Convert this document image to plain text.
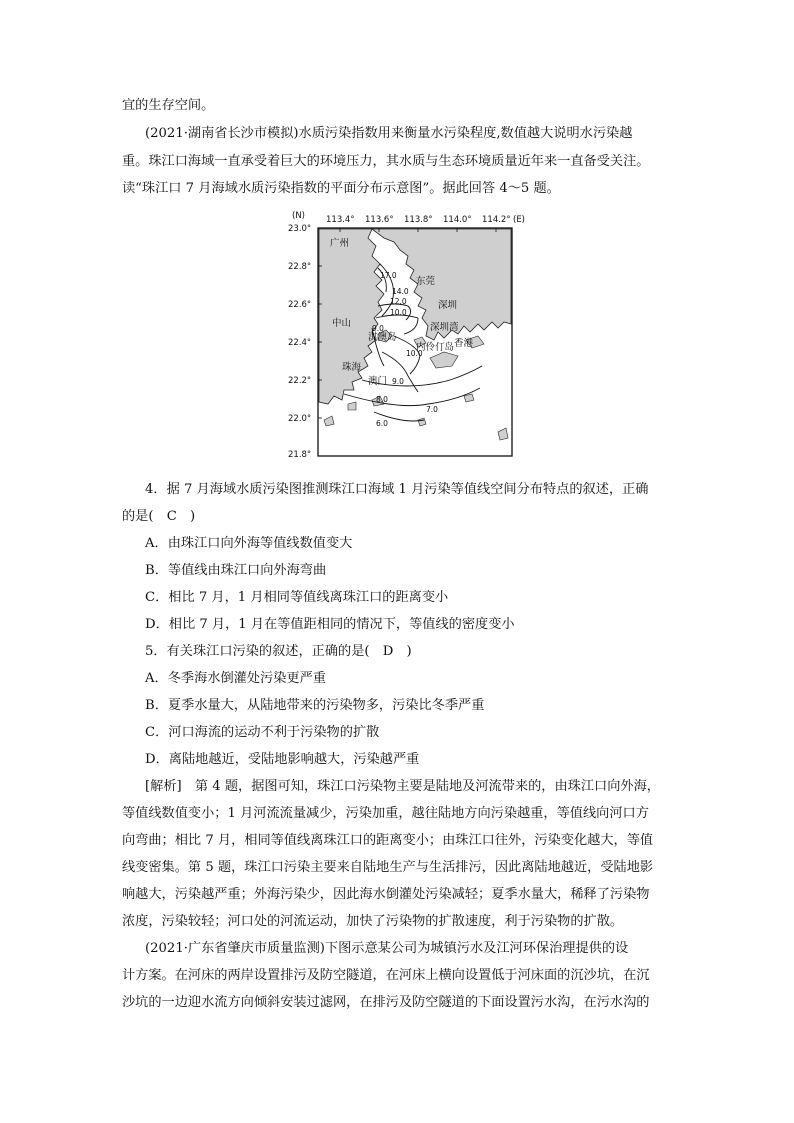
宜的生存空间。
(2021·湖南省长沙市模拟)水质污染指数用来衡量水污染程度,数值越大说明水污染越
重。珠江口海域一直承受着巨大的环境压力，其水质与生态环境质量近年来一直备受关注。
读“珠江口 7 月海域水质污染指数的平面分布示意图”。据此回答 4～5 题。
(N)	(E)
113.4° 113.6° 113.8° 114.0° 114.2°
23.0°
22.8°
22.6°
22.4°
22.2°
22.0°
21.8°
广州
东莞
深圳
中山	深圳湾
淇澳岛
内伶仃岛 香港
珠海
澳门
17.0
14.0
12.0
10.0
9.0
10.0
9.0
8.0
7.0
6.0
4．据 7 月海域水质污染图推测珠江口海域 1 月污染等值线空间分布特点的叙述，正确
的是(　C　)
A．由珠江口向外海等值线数值变大
B．等值线由珠江口向外海弯曲
C．相比 7 月，1 月相同等值线离珠江口的距离变小
D．相比 7 月，1 月在等值距相同的情况下，等值线的密度变小
5．有关珠江口污染的叙述，正确的是(　D　)
A．冬季海水倒灌处污染更严重
B．夏季水量大，从陆地带来的污染物多，污染比冬季严重
C．河口海流的运动不利于污染物的扩散
D．离陆地越近，受陆地影响越大，污染越严重
[解析]　第 4 题，据图可知，珠江口污染物主要是陆地及河流带来的，由珠江口向外海，
等值线数值变小；1 月河流流量减少，污染加重，越往陆地方向污染越重，等值线向河口方
向弯曲；相比 7 月，相同等值线离珠江口的距离变小；由珠江口往外，污染变化越大，等值
线变密集。第 5 题，珠江口污染主要来自陆地生产与生活排污，因此离陆地越近，受陆地影
响越大，污染越严重；外海污染少，因此海水倒灌处污染减轻；夏季水量大，稀释了污染物
浓度，污染较轻；河口处的河流运动，加快了污染物的扩散速度，利于污染物的扩散。
(2021·广东省肇庆市质量监测)下图示意某公司为城镇污水及江河环保治理提供的设
计方案。在河床的两岸设置排污及防空隧道，在河床上横向设置低于河床面的沉沙坑，在沉
沙坑的一边迎水流方向倾斜安装过滤网，在排污及防空隧道的下面设置污水沟，在污水沟的
